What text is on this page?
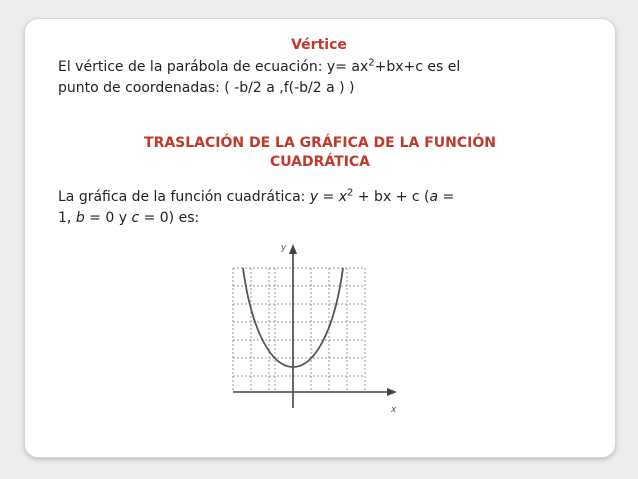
Vértice
El vértice de la parábola de ecuación: $y= ax^2+bx+c$ es el
punto de coordenadas: ( -b/2 a ,f(-b/2 a ) )
TRASLACIÓN DE LA GRÁFICA DE LA FUNCIÓN
CUADRÁTICA
La gráfica de la función cuadrática: $y = x^2$ + bx + c (a =
1, b = 0 y c = 0) es:
y
x
